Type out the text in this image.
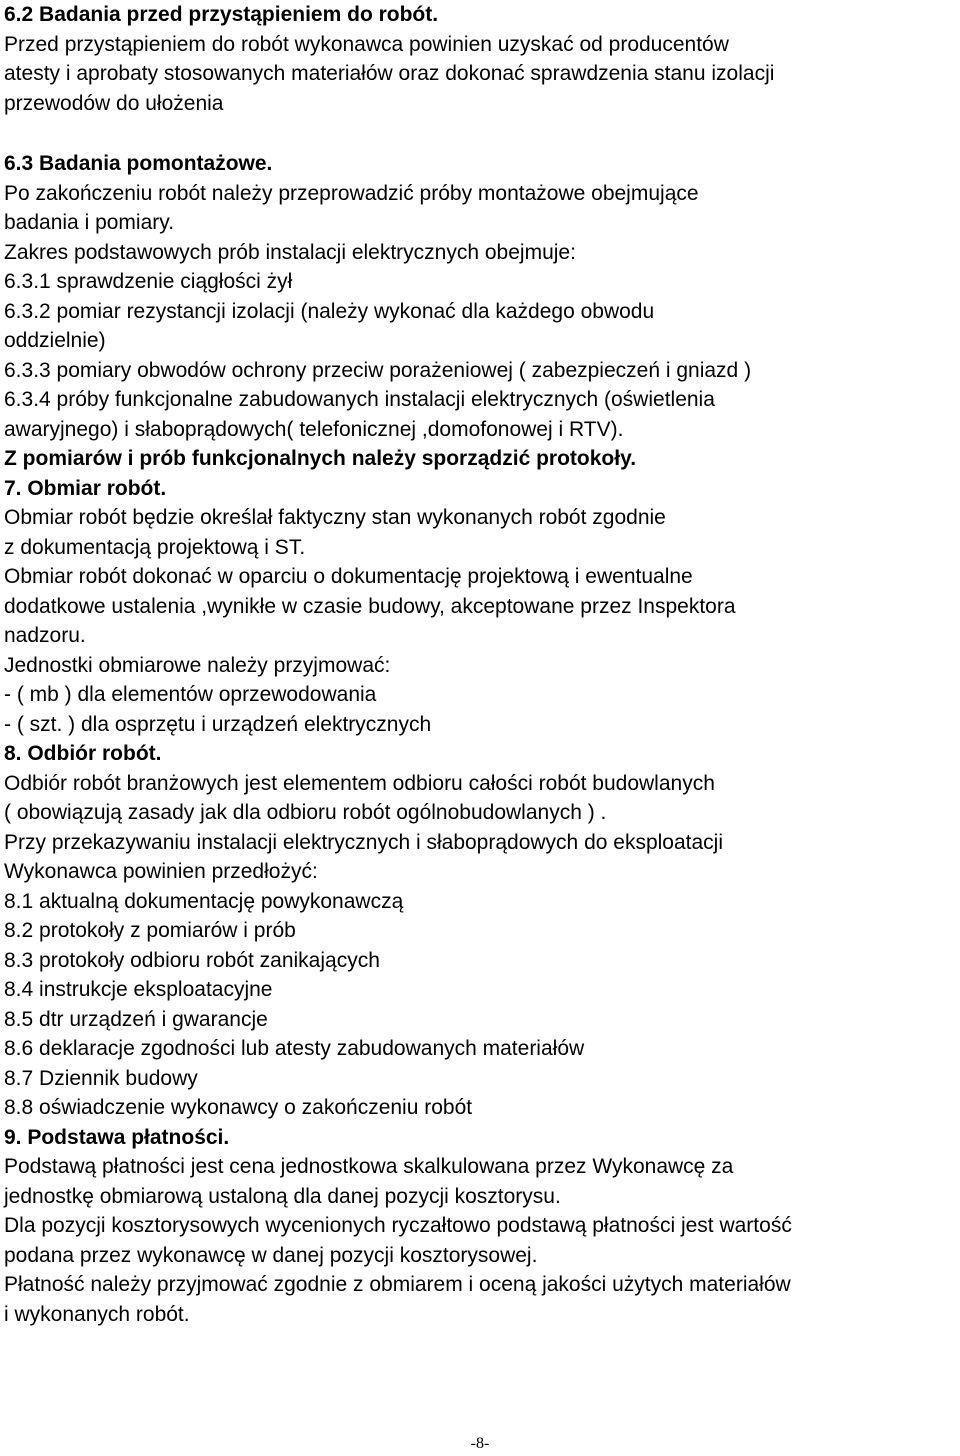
6.2 Badania przed przystąpieniem do robót.
Przed przystąpieniem do robót wykonawca powinien uzyskać od producentów
atesty i aprobaty stosowanych materiałów oraz dokonać sprawdzenia stanu izolacji
przewodów do ułożenia
6.3 Badania pomontażowe.
Po zakończeniu robót należy przeprowadzić próby montażowe obejmujące
badania i pomiary.
Zakres podstawowych prób instalacji elektrycznych obejmuje:
6.3.1 sprawdzenie ciągłości żył
6.3.2 pomiar rezystancji izolacji (należy wykonać dla każdego obwodu
oddzielnie)
6.3.3 pomiary obwodów ochrony przeciw porażeniowej ( zabezpieczeń i gniazd )
6.3.4 próby funkcjonalne zabudowanych instalacji elektrycznych (oświetlenia
awaryjnego) i słaboprądowych( telefonicznej ,domofonowej i RTV).
Z pomiarów i prób funkcjonalnych należy sporządzić protokoły.
7. Obmiar robót.
Obmiar robót będzie określał faktyczny stan wykonanych robót zgodnie
z dokumentacją projektową i ST.
Obmiar robót dokonać w oparciu o dokumentację projektową i ewentualne
dodatkowe ustalenia ,wynikłe w czasie budowy, akceptowane przez Inspektora
nadzoru.
Jednostki obmiarowe należy przyjmować:
- ( mb ) dla elementów oprzewodowania
- ( szt. ) dla osprzętu i urządzeń elektrycznych
8. Odbiór robót.
Odbiór robót branżowych jest elementem odbioru całości robót budowlanych
( obowiązują zasady jak dla odbioru robót ogólnobudowlanych ) .
Przy przekazywaniu instalacji elektrycznych i słaboprądowych do eksploatacji
Wykonawca powinien przedłożyć:
8.1 aktualną dokumentację powykonawczą
8.2 protokoły z pomiarów i prób
8.3 protokoły odbioru robót zanikających
8.4 instrukcje eksploatacyjne
8.5 dtr urządzeń i gwarancje
8.6 deklaracje zgodności lub atesty zabudowanych materiałów
8.7 Dziennik budowy
8.8 oświadczenie wykonawcy o zakończeniu robót
9. Podstawa płatności.
Podstawą płatności jest cena jednostkowa skalkulowana przez Wykonawcę za
jednostkę obmiarową ustaloną dla danej pozycji kosztorysu.
Dla pozycji kosztorysowych wycenionych ryczałtowo podstawą płatności jest wartość
podana przez wykonawcę w danej pozycji kosztorysowej.
Płatność należy przyjmować zgodnie z obmiarem i oceną jakości użytych materiałów
i wykonanych robót.
-8-
